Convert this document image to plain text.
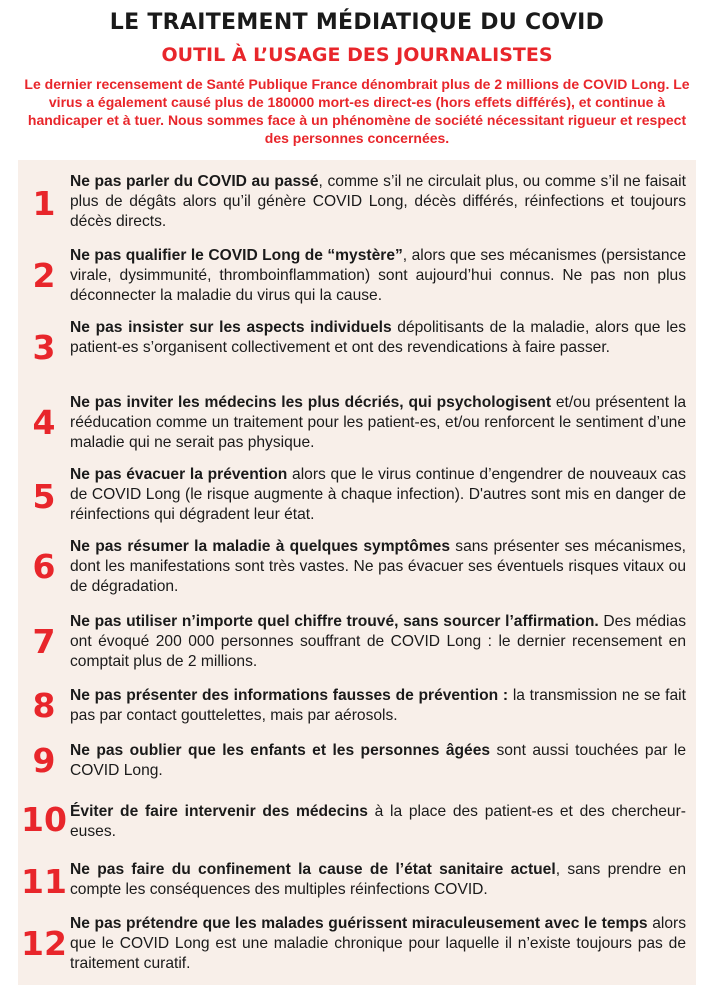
LE TRAITEMENT MÉDIATIQUE DU COVID
OUTIL À L’USAGE DES JOURNALISTES
Le dernier recensement de Santé Publique France dénombrait plus de 2 millions de COVID Long. Le virus a également causé plus de 180000 mort-es direct-es (hors effets différés), et continue à handicaper et à tuer. Nous sommes face à un phénomène de société nécessitant rigueur et respect des personnes concernées.
1
Ne pas parler du COVID au passé, comme s’il ne circulait plus, ou comme s’il ne faisait plus de dégâts alors qu’il génère COVID Long, décès différés, réinfections et toujours décès directs.
2
Ne pas qualifier le COVID Long de “mystère”, alors que ses mécanismes (persistance virale, dysimmunité, thromboinflammation) sont aujourd’hui connus. Ne pas non plus déconnecter la maladie du virus qui la cause.
3
Ne pas insister sur les aspects individuels dépolitisants de la maladie, alors que les patient-es s’organisent collectivement et ont des revendications à faire passer.
4
Ne pas inviter les médecins les plus décriés, qui psychologisent et/ou présentent la rééducation comme un traitement pour les patient-es, et/ou renforcent le sentiment d’une maladie qui ne serait pas physique.
5
Ne pas évacuer la prévention alors que le virus continue d’engendrer de nouveaux cas de COVID Long (le risque augmente à chaque infection). D'autres sont mis en danger de réinfections qui dégradent leur état.
6
Ne pas résumer la maladie à quelques symptômes sans présenter ses mécanismes, dont les manifestations sont très vastes. Ne pas évacuer ses éventuels risques vitaux ou de dégradation.
7
Ne pas utiliser n’importe quel chiffre trouvé, sans sourcer l’affirmation. Des médias ont évoqué 200 000 personnes souffrant de COVID Long : le dernier recensement en comptait plus de 2 millions.
8 Ne pas présenter des informations fausses de prévention : la transmission ne se fait pas par contact gouttelettes, mais par aérosols.
9 Ne pas oublier que les enfants et les personnes âgées sont aussi touchées par le COVID Long.
10 Éviter de faire intervenir des médecins à la place des patient-es et des chercheur-euses.
11 Ne pas faire du confinement la cause de l’état sanitaire actuel, sans prendre en compte les conséquences des multiples réinfections COVID.
12
Ne pas prétendre que les malades guérissent miraculeusement avec le temps alors que le COVID Long est une maladie chronique pour laquelle il n’existe toujours pas de traitement curatif.
